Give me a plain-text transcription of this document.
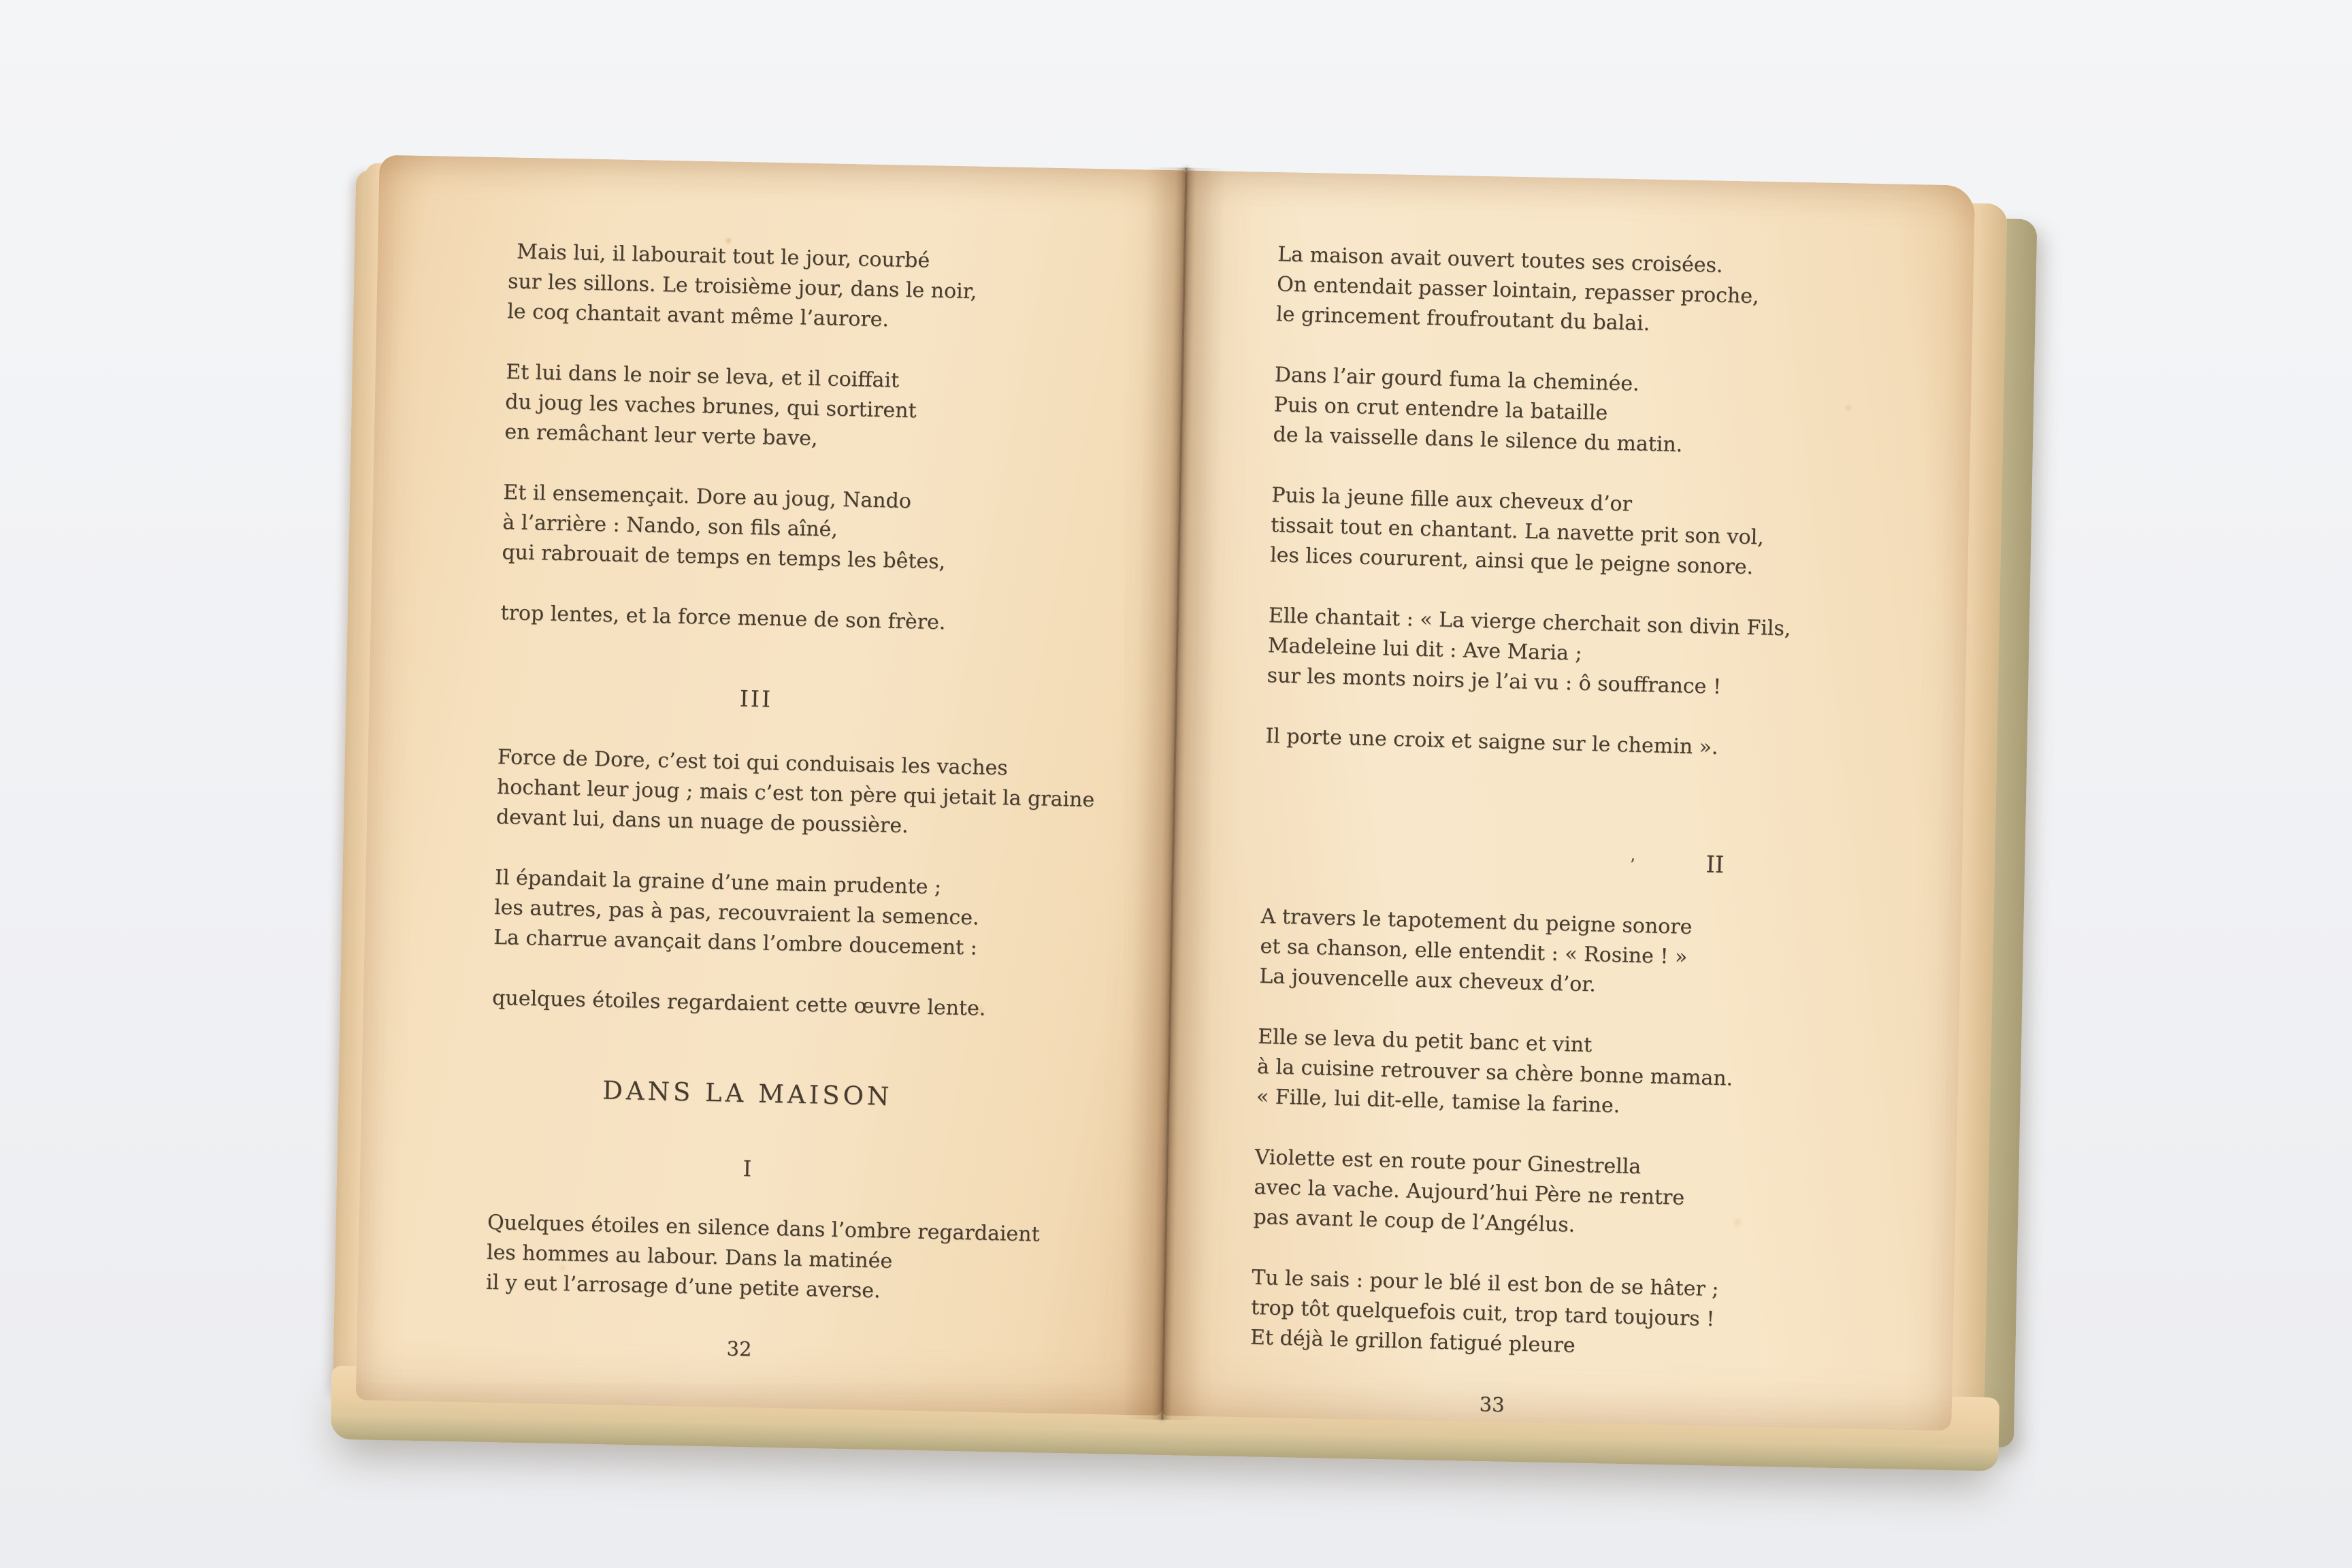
Mais lui, il labourait tout le jour, courbé
sur les sillons. Le troisième jour, dans le noir,
le coq chantait avant même l’aurore.
Et lui dans le noir se leva, et il coiffait
du joug les vaches brunes, qui sortirent
en remâchant leur verte bave,
Et il ensemençait. Dore au joug, Nando
à l’arrière : Nando, son fils aîné,
qui rabrouait de temps en temps les bêtes,
trop lentes, et la force menue de son frère.
III
Force de Dore, c’est toi qui conduisais les vaches
hochant leur joug ; mais c’est ton père qui jetait la graine
devant lui, dans un nuage de poussière.
Il épandait la graine d’une main prudente ;
les autres, pas à pas, recouvraient la semence.
La charrue avançait dans l’ombre doucement :
quelques étoiles regardaient cette œuvre lente.
DANS LA MAISON
I
Quelques étoiles en silence dans l’ombre regardaient
les hommes au labour. Dans la matinée
il y eut l’arrosage d’une petite averse.
32
La maison avait ouvert toutes ses croisées.
On entendait passer lointain, repasser proche,
le grincement froufroutant du balai.
Dans l’air gourd fuma la cheminée.
Puis on crut entendre la bataille
de la vaisselle dans le silence du matin.
Puis la jeune fille aux cheveux d’or
tissait tout en chantant. La navette prit son vol,
les lices coururent, ainsi que le peigne sonore.
Elle chantait : « La vierge cherchait son divin Fils,
Madeleine lui dit : Ave Maria ;
sur les monts noirs je l’ai vu : ô souffrance !
Il porte une croix et saigne sur le chemin ».
’	II
A travers le tapotement du peigne sonore
et sa chanson, elle entendit : « Rosine ! »
La jouvencelle aux cheveux d’or.
Elle se leva du petit banc et vint
à la cuisine retrouver sa chère bonne maman.
« Fille, lui dit-elle, tamise la farine.
Violette est en route pour Ginestrella
avec la vache. Aujourd’hui Père ne rentre
pas avant le coup de l’Angélus.
Tu le sais : pour le blé il est bon de se hâter ;
trop tôt quelquefois cuit, trop tard toujours !
Et déjà le grillon fatigué pleure
33
